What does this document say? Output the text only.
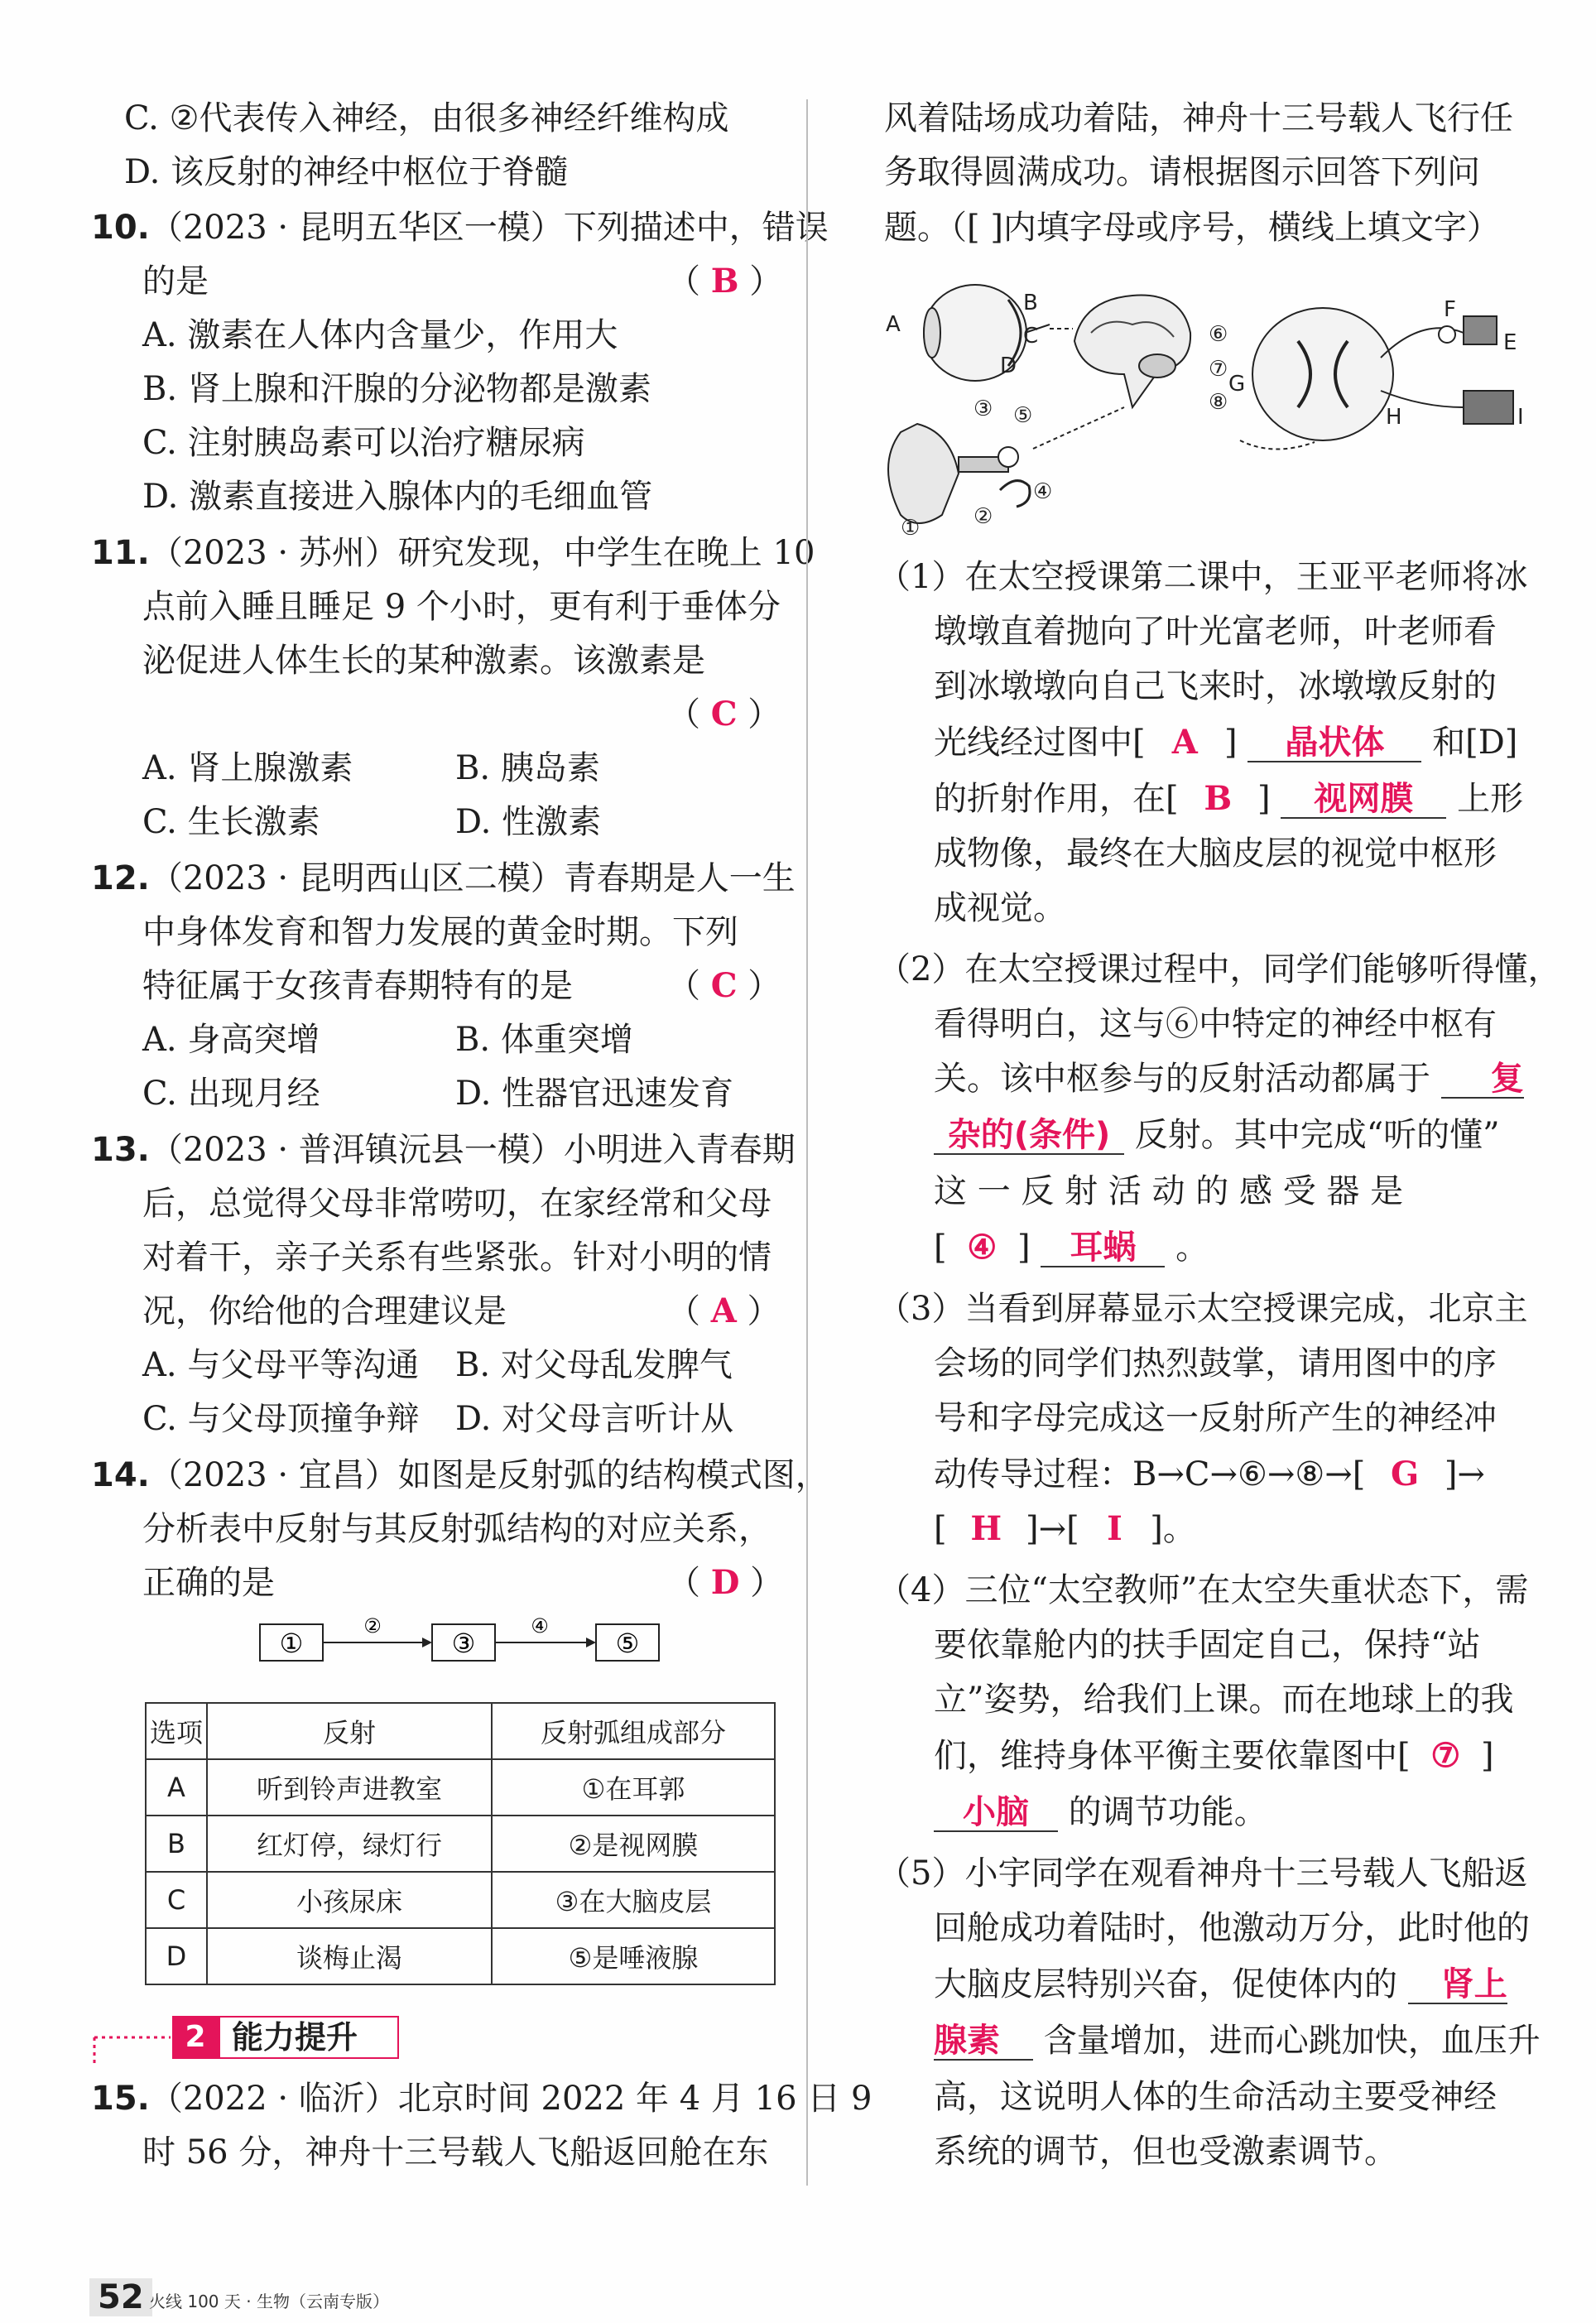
C. ②代表传入神经，由很多神经纤维构成
D. 该反射的神经中枢位于脊髓
10.（2023 · 昆明五华区一模）下列描述中，错误
的是	（ B ）
A. 激素在人体内含量少，作用大
B. 肾上腺和汗腺的分泌物都是激素
C. 注射胰岛素可以治疗糖尿病
D. 激素直接进入腺体内的毛细血管
11.（2023 · 苏州）研究发现，中学生在晚上 10
点前入睡且睡足 9 个小时，更有利于垂体分
泌促进人体生长的某种激素。该激素是
（ C ）
A. 肾上腺激素	B. 胰岛素
C. 生长激素	D. 性激素
12.（2023 · 昆明西山区二模）青春期是人一生
中身体发育和智力发展的黄金时期。下列
特征属于女孩青春期特有的是	（ C ）
A. 身高突增	B. 体重突增
C. 出现月经	D. 性器官迅速发育
13.（2023 · 普洱镇沅县一模）小明进入青春期
后，总觉得父母非常唠叨，在家经常和父母
对着干，亲子关系有些紧张。针对小明的情
况，你给他的合理建议是	（ A ）
A. 与父母平等沟通 B. 对父母乱发脾气
C. 与父母顶撞争辩 D. 对父母言听计从
14.（2023 · 宜昌）如图是反射弧的结构模式图，
分析表中反射与其反射弧结构的对应关系，
正确的是	（ D ）
①
②
③
④
⑤
选项	反射	反射弧组成部分
A	听到铃声进教室	①在耳郭
B	红灯停，绿灯行	②是视网膜
C	小孩尿床	③在大脑皮层
D	谈梅止渴	⑤是唾液腺
2 能力提升
15.（2022 · 临沂）北京时间 2022 年 4 月 16 日 9
时 56 分，神舟十三号载人飞船返回舱在东
风着陆场成功着陆，神舟十三号载人飞行任
务取得圆满成功。请根据图示回答下列问
题。（[ ]内填字母或序号，横线上填文字）
A
B
C
D
⑥
⑦
⑧
F
E
G
H	I
① ②
③
④
⑤
（1）在太空授课第二课中，王亚平老师将冰
墩墩直着抛向了叶光富老师，叶老师看
到冰墩墩向自己飞来时，冰墩墩反射的
光线经过图中[ A ] 晶状体 和[D]
的折射作用，在[ B ] 视网膜 上形
成物像，最终在大脑皮层的视觉中枢形
成视觉。
（2）在太空授课过程中，同学们能够听得懂，
看得明白，这与⑥中特定的神经中枢有
关。该中枢参与的反射活动都属于 复
杂的(条件) 反射。其中完成“听的懂”
这 一 反 射 活 动 的 感 受 器 是
[ ④ ] 耳蜗 。
（3）当看到屏幕显示太空授课完成，北京主
会场的同学们热烈鼓掌，请用图中的序
号和字母完成这一反射所产生的神经冲
动传导过程：B→C→⑥→⑧→[ G ]→
[ H ]→[ I ]。
（4）三位“太空教师”在太空失重状态下，需
要依靠舱内的扶手固定自己，保持“站
立”姿势，给我们上课。而在地球上的我
们，维持身体平衡主要依靠图中[ ⑦ ]
小脑 的调节功能。
（5）小宇同学在观看神舟十三号载人飞船返
回舱成功着陆时，他激动万分，此时他的
大脑皮层特别兴奋，促使体内的 肾上
腺素 含量增加，进而心跳加快，血压升
高，这说明人体的生命活动主要受神经
系统的调节，但也受激素调节。
52 火线 100 天 · 生物（云南专版）
